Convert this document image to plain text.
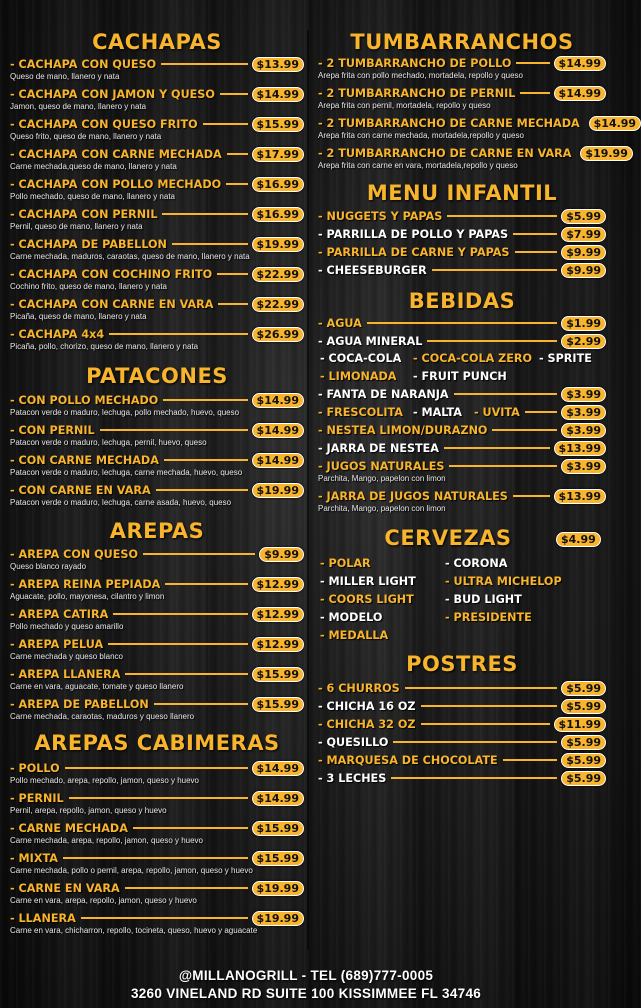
CACHAPAS
- CACHAPA CON QUESO	$13.99
Queso de mano, llanero y nata
- CACHAPA CON JAMON Y QUESO	$14.99
Jamon, queso de mano, llanero y nata
- CACHAPA CON QUESO FRITO	$15.99
Queso frito, queso de mano, llanero y nata
- CACHAPA CON CARNE MECHADA	$17.99
Carne mechada,queso de mano, llanero y nata
- CACHAPA CON POLLO MECHADO	$16.99
Pollo mechado, queso de mano, llanero y nata
- CACHAPA CON PERNIL	$16.99
Pernil, queso de mano, llanero y nata
- CACHAPA DE PABELLON	$19.99
Carne mechada, maduros, caraotas, queso de mano, llanero y nata
- CACHAPA CON COCHINO FRITO	$22.99
Cochino frito, queso de mano, llanero y nata
- CACHAPA CON CARNE EN VARA	$22.99
Picaña, queso de mano, llanero y nata
- CACHAPA 4x4	$26.99
Picaña, pollo, chorizo, queso de mano, llanero y nata
PATACONES
- CON POLLO MECHADO	$14.99
Patacon verde o maduro, lechuga, pollo mechado, huevo, queso
- CON PERNIL	$14.99
Patacon verde o maduro, lechuga, pernil, huevo, queso
- CON CARNE MECHADA	$14.99
Patacon verde o maduro, lechuga, carne mechada, huevo, queso
- CON CARNE EN VARA	$19.99
Patacon verde o maduro, lechuga, carne asada, huevo, queso
AREPAS
- AREPA CON QUESO	$9.99
Queso blanco rayado
- AREPA REINA PEPIADA	$12.99
Aguacate, pollo, mayonesa, cilantro y limon
- AREPA CATIRA	$12.99
Pollo mechado y queso amarillo
- AREPA PELUA	$12.99
Carne mechada y queso blanco
- AREPA LLANERA	$15.99
Carne en vara, aguacate, tomate y queso llanero
- AREPA DE PABELLON	$15.99
Carne mechada, caraotas, maduros y queso llanero
AREPAS CABIMERAS
- POLLO	$14.99
Pollo mechado, arepa, repollo, jamon, queso y huevo
- PERNIL	$14.99
Pernil, arepa, repollo, jamon, queso y huevo
- CARNE MECHADA	$15.99
Carne mechada, arepa, repollo, jamon, queso y huevo
- MIXTA	$15.99
Carne mechada, pollo o pernil, arepa, repollo, jamon, queso y huevo
- CARNE EN VARA	$19.99
Carne en vara, arepa, repollo, jamon, queso y huevo
- LLANERA	$19.99
Carne en vara, chicharron, repollo, tocineta, queso, huevo y aguacate
TUMBARRANCHOS
- 2 TUMBARRANCHO DE POLLO	$14.99
Arepa frita con pollo mechado, mortadela, repollo y queso
- 2 TUMBARRANCHO DE PERNIL	$14.99
Arepa frita con pernil, mortadela, repollo y queso
- 2 TUMBARRANCHO DE CARNE MECHADA	$14.99
Arepa frita con carne mechada, mortadela,repollo y queso
- 2 TUMBARRANCHO DE CARNE EN VARA	$19.99
Arepa frita con carne en vara, mortadela,repollo y queso
MENU INFANTIL
- NUGGETS Y PAPAS	$5.99
- PARRILLA DE POLLO Y PAPAS	$7.99
- PARRILLA DE CARNE Y PAPAS	$9.99
- CHEESEBURGER	$9.99
BEBIDAS
- AGUA	$1.99
- AGUA MINERAL	$2.99
- COCA-COLA - COCA-COLA ZERO - SPRITE
- LIMONADA - FRUIT PUNCH
- FANTA DE NARANJA	$3.99
- FRESCOLITA - MALTA - UVITA	$3.99
- NESTEA LIMON/DURAZNO	$3.99
- JARRA DE NESTEA	$13.99
- JUGOS NATURALES	$3.99
Parchita, Mango, papelon con limon
- JARRA DE JUGOS NATURALES	$13.99
Parchita, Mango, papelon con limon
CERVEZAS	$4.99
- POLAR
- MILLER LIGHT
- COORS LIGHT
- MODELO
- MEDALLA
- CORONA
- ULTRA MICHELOP
- BUD LIGHT
- PRESIDENTE
POSTRES
- 6 CHURROS	$5.99
- CHICHA 16 OZ	$5.99
- CHICHA 32 OZ	$11.99
- QUESILLO	$5.99
- MARQUESA DE CHOCOLATE	$5.99
- 3 LECHES	$5.99
@MILLANOGRILL - TEL (689)777-0005
3260 VINELAND RD SUITE 100 KISSIMMEE FL 34746
